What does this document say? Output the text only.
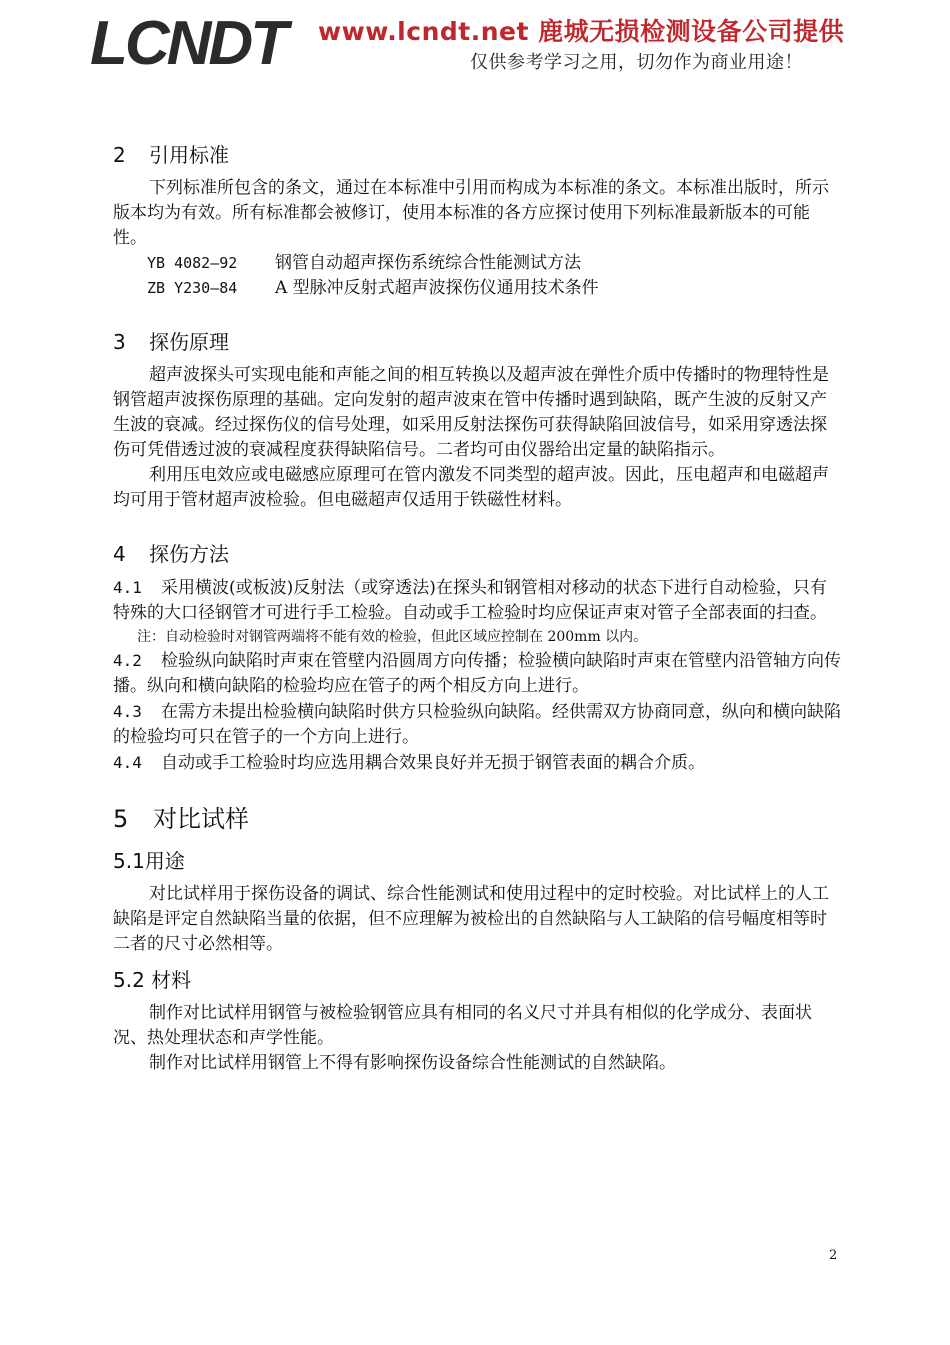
LCNDT	www.lcndt.net 鹿城无损检测设备公司提供
仅供参考学习之用，切勿作为商业用途！
2 引用标准

下列标准所包含的条文，通过在本标准中引用而构成为本标准的条文。本标准出版时，所示版本均为有效。所有标准都会被修订，使用本标准的各方应探讨使用下列标准最新版本的可能性。

YB 4082—92 钢管自动超声探伤系统综合性能测试方法
ZB Y230—84 A 型脉冲反射式超声波探伤仪通用技术条件
3 探伤原理

超声波探头可实现电能和声能之间的相互转换以及超声波在弹性介质中传播时的物理特性是钢管超声波探伤原理的基础。定向发射的超声波束在管中传播时遇到缺陷，既产生波的反射又产生波的衰减。经过探伤仪的信号处理，如采用反射法探伤可获得缺陷回波信号，如采用穿透法探伤可凭借透过波的衰减程度获得缺陷信号。二者均可由仪器给出定量的缺陷指示。

利用压电效应或电磁感应原理可在管内激发不同类型的超声波。因此，压电超声和电磁超声均可用于管材超声波检验。但电磁超声仅适用于铁磁性材料。

4 探伤方法

4.1 采用横波(或板波)反射法（或穿透法)在探头和钢管相对移动的状态下进行自动检验，只有特殊的大口径钢管才可进行手工检验。自动或手工检验时均应保证声束对管子全部表面的扫查。

注：自动检验时对钢管两端将不能有效的检验，但此区域应控制在 200mm 以内。

4.2 检验纵向缺陷时声束在管壁内沿圆周方向传播；检验横向缺陷时声束在管壁内沿管轴方向传播。纵向和横向缺陷的检验均应在管子的两个相反方向上进行。

4.3 在需方未提出检验横向缺陷时供方只检验纵向缺陷。经供需双方协商同意，纵向和横向缺陷的检验均可只在管子的一个方向上进行。

4.4 自动或手工检验时均应选用耦合效果良好并无损于钢管表面的耦合介质。

5 对比试样
5.1用途

对比试样用于探伤设备的调试、综合性能测试和使用过程中的定时校验。对比试样上的人工缺陷是评定自然缺陷当量的依据，但不应理解为被检出的自然缺陷与人工缺陷的信号幅度相等时二者的尺寸必然相等。

5.2 材料

制作对比试样用钢管与被检验钢管应具有相同的名义尺寸并具有相似的化学成分、表面状况、热处理状态和声学性能。

制作对比试样用钢管上不得有影响探伤设备综合性能测试的自然缺陷。

2
